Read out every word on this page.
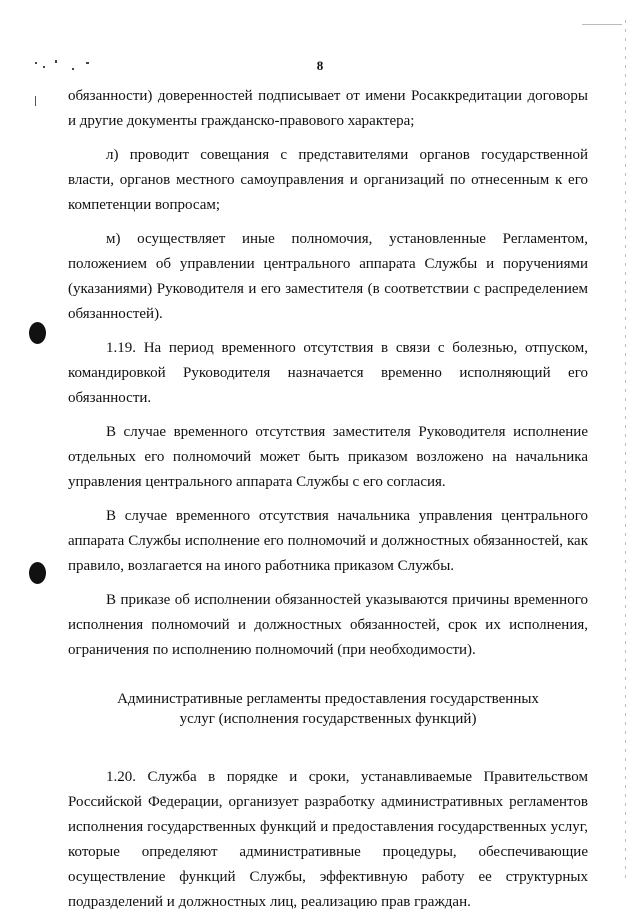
8

обязанности) доверенностей подписывает от имени Росаккредитации договоры и другие документы гражданско-правового характера;

л) проводит совещания с представителями органов государственной власти, органов местного самоуправления и организаций по отнесенным к его компетенции вопросам;

м) осуществляет иные полномочия, установленные Регламентом, положением об управлении центрального аппарата Службы и поручениями (указаниями) Руководителя и его заместителя (в соответствии с распределением обязанностей).

1.19. На период временного отсутствия в связи с болезнью, отпуском, командировкой Руководителя назначается временно исполняющий его обязанности.

В случае временного отсутствия заместителя Руководителя исполнение отдельных его полномочий может быть приказом возложено на начальника управления центрального аппарата Службы с его согласия.

В случае временного отсутствия начальника управления центрального аппарата Службы исполнение его полномочий и должностных обязанностей, как правило, возлагается на иного работника приказом Службы.

В приказе об исполнении обязанностей указываются причины временного исполнения полномочий и должностных обязанностей, срок их исполнения, ограничения по исполнению полномочий (при необходимости).

Административные регламенты предоставления государственных
услуг (исполнения государственных функций)

1.20. Служба в порядке и сроки, устанавливаемые Правительством Российской Федерации, организует разработку административных регламентов исполнения государственных функций и предоставления государственных услуг, которые определяют административные процедуры, обеспечивающие осуществление функций Службы, эффективную работу ее структурных подразделений и должностных лиц, реализацию прав граждан.
